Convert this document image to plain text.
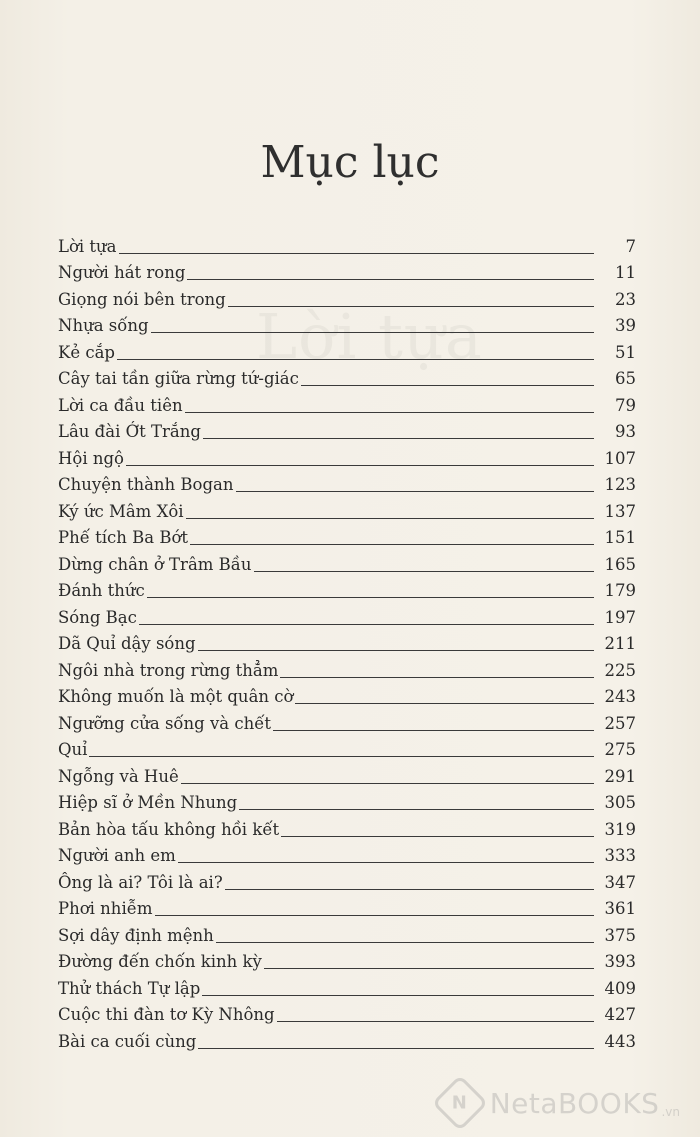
Lời tựa
Mục lục
Lời tựa	7
Người hát rong	11
Giọng nói bên trong	23
Nhựa sống	39
Kẻ cắp	51
Cây tai tần giữa rừng tứ-giác	65
Lời ca đầu tiên	79
Lâu đài Ớt Trắng	93
Hội ngộ	107
Chuyện thành Bogan	123
Ký ức Mâm Xôi	137
Phế tích Ba Bớt	151
Dừng chân ở Trâm Bầu	165
Đánh thức	179
Sóng Bạc	197
Dã Quỉ dậy sóng	211
Ngôi nhà trong rừng thẳm	225
Không muốn là một quân cờ	243
Ngưỡng cửa sống và chết	257
Quỉ	275
Ngỗng và Huê	291
Hiệp sĩ ở Mền Nhung	305
Bản hòa tấu không hồi kết	319
Người anh em	333
Ông là ai? Tôi là ai?	347
Phơi nhiễm	361
Sợi dây định mệnh	375
Đường đến chốn kinh kỳ	393
Thử thách Tự lập	409
Cuộc thi đàn tơ Kỳ Nhông	427
Bài ca cuối cùng	443
N NetaBOOKS .vn
